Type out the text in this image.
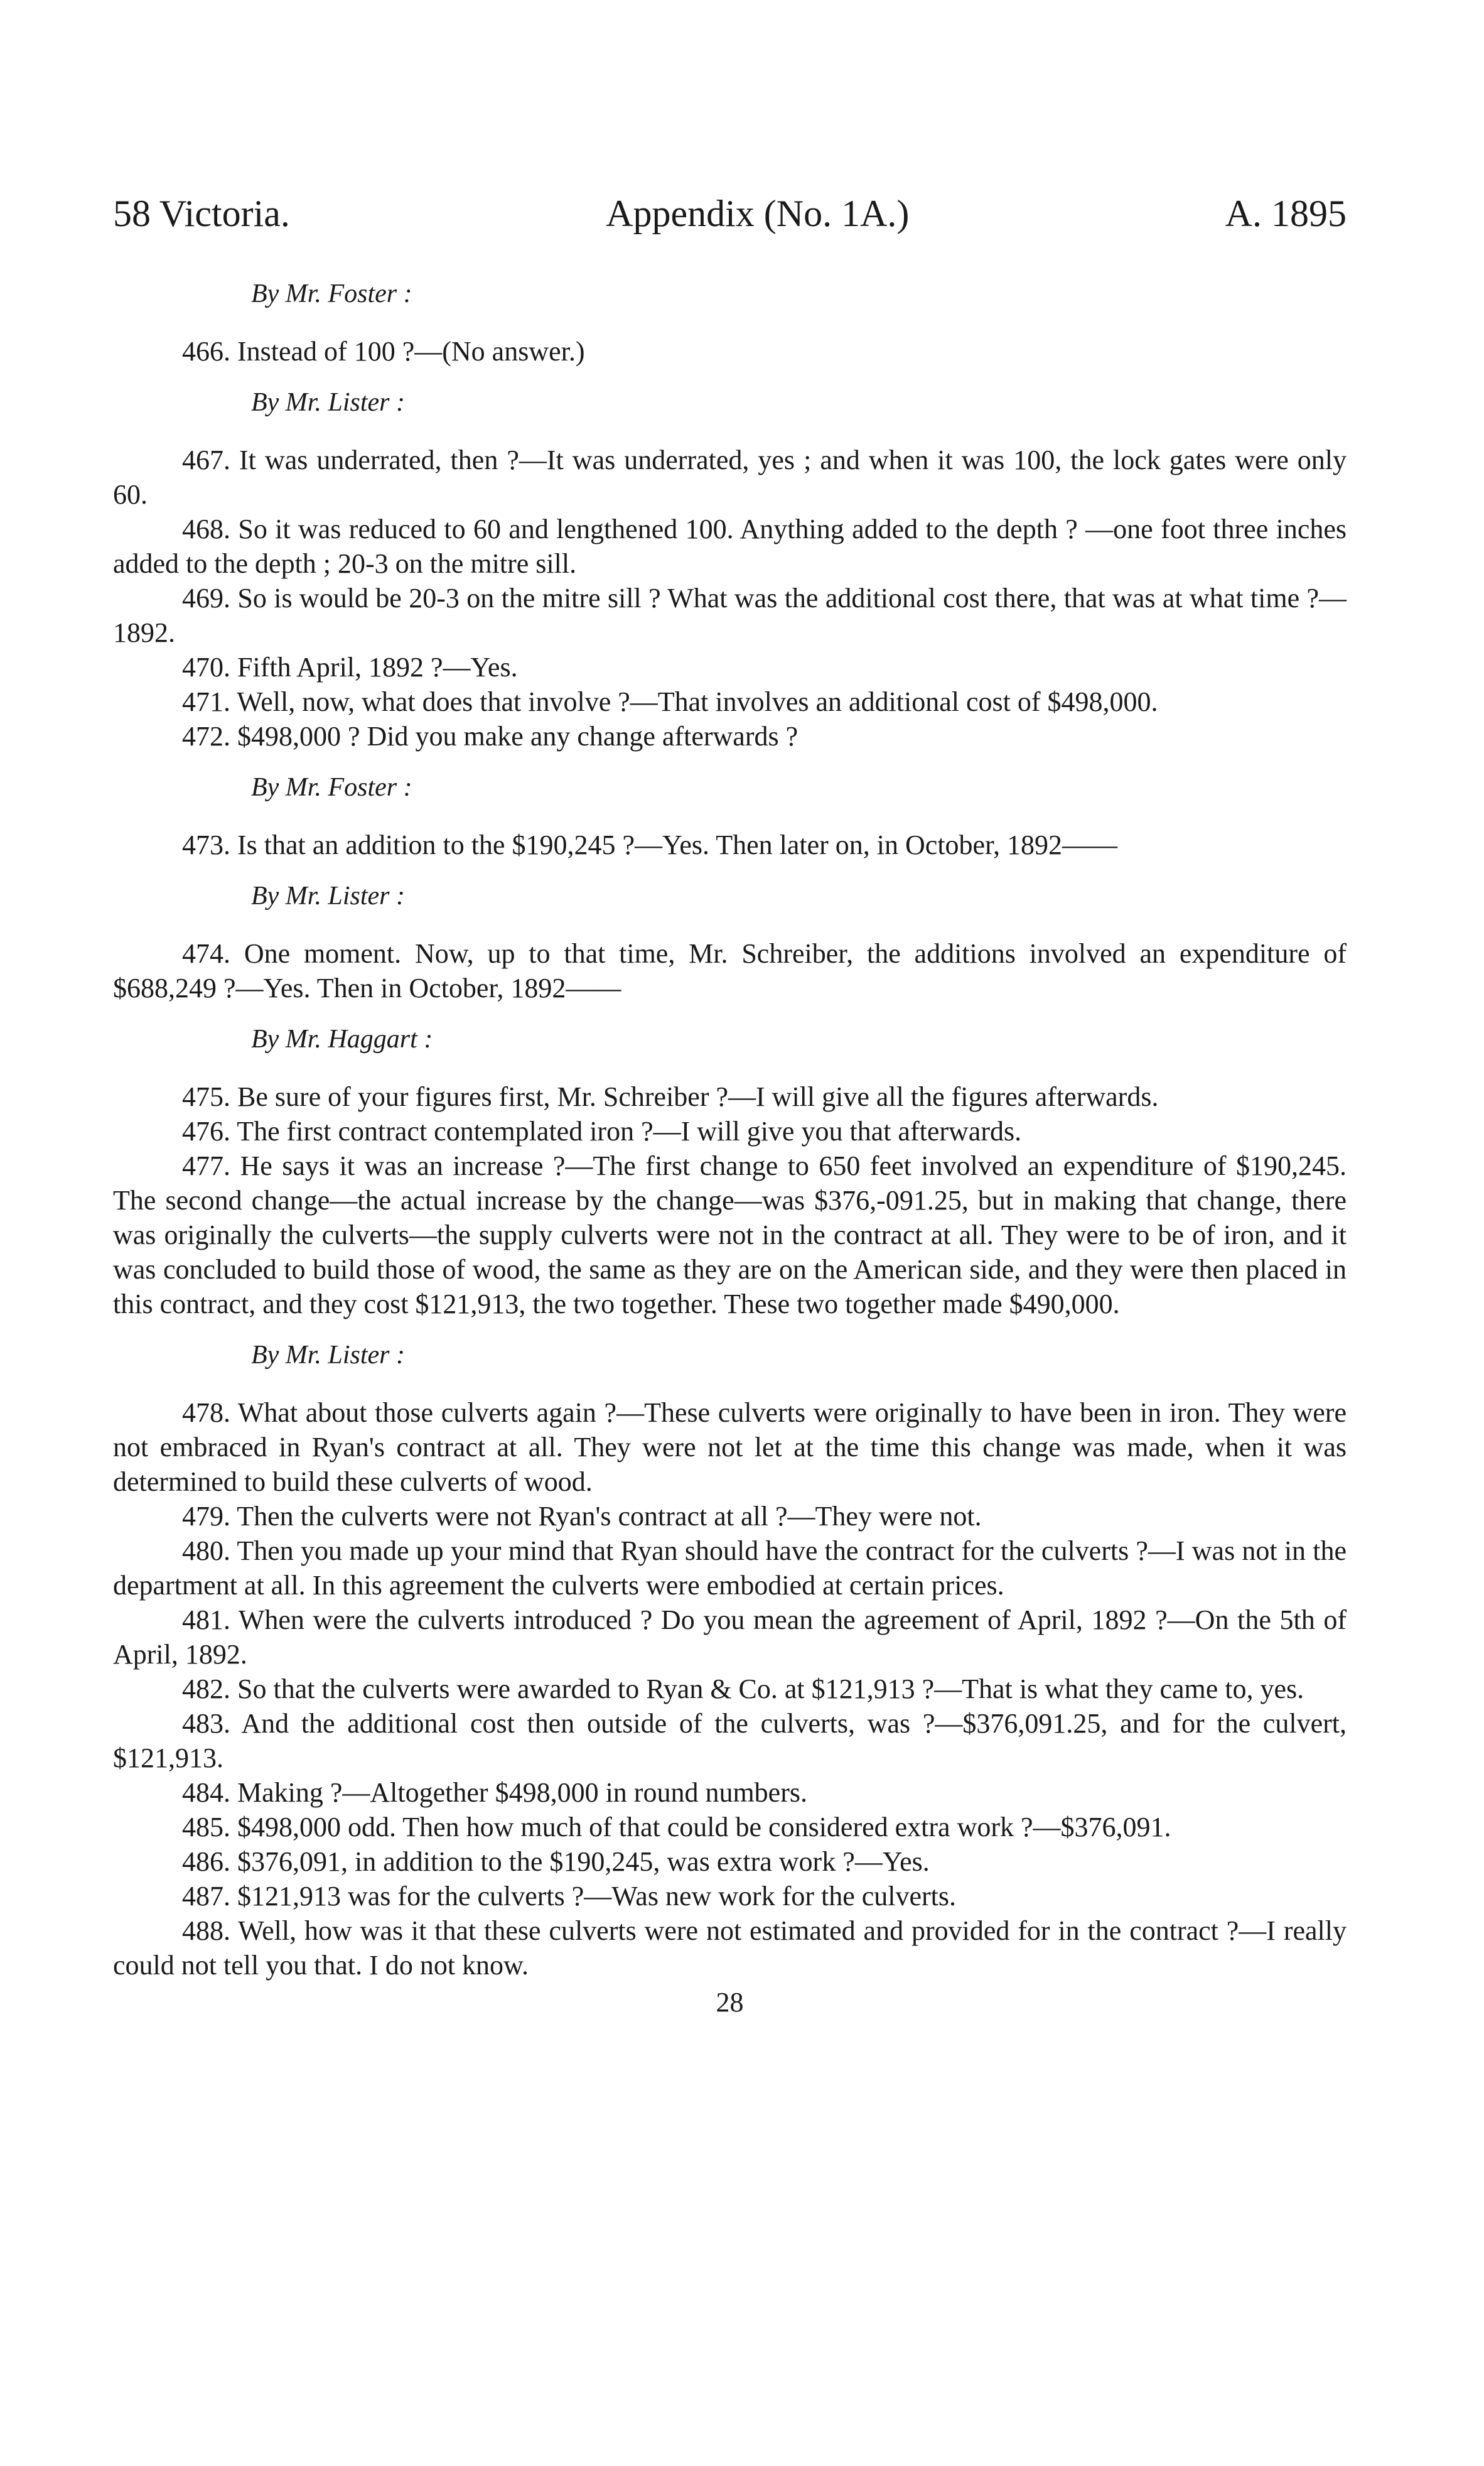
58 Victoria.	Appendix (No. 1A.)	A. 1895
By Mr. Foster :

466. Instead of 100 ?—(No answer.)

By Mr. Lister :

467. It was underrated, then ?—It was underrated, yes ; and when it was 100, the lock gates were only 60.

468. So it was reduced to 60 and lengthened 100. Anything added to the depth ? —one foot three inches added to the depth ; 20-3 on the mitre sill.

469. So is would be 20-3 on the mitre sill ? What was the additional cost there, that was at what time ?—1892.

470. Fifth April, 1892 ?—Yes.

471. Well, now, what does that involve ?—That involves an additional cost of $498,000.

472. $498,000 ? Did you make any change afterwards ?

By Mr. Foster :

473. Is that an addition to the $190,245 ?—Yes. Then later on, in October, 1892——

By Mr. Lister :

474. One moment. Now, up to that time, Mr. Schreiber, the additions involved an expenditure of $688,249 ?—Yes. Then in October, 1892——

By Mr. Haggart :

475. Be sure of your figures first, Mr. Schreiber ?—I will give all the figures afterwards.

476. The first contract contemplated iron ?—I will give you that afterwards.

477. He says it was an increase ?—The first change to 650 feet involved an expenditure of $190,245. The second change—the actual increase by the change—was $376,-091.25, but in making that change, there was originally the culverts—the supply culverts were not in the contract at all. They were to be of iron, and it was concluded to build those of wood, the same as they are on the American side, and they were then placed in this contract, and they cost $121,913, the two together. These two together made $490,000.

By Mr. Lister :

478. What about those culverts again ?—These culverts were originally to have been in iron. They were not embraced in Ryan's contract at all. They were not let at the time this change was made, when it was determined to build these culverts of wood.

479. Then the culverts were not Ryan's contract at all ?—They were not.

480. Then you made up your mind that Ryan should have the contract for the culverts ?—I was not in the department at all. In this agreement the culverts were embodied at certain prices.

481. When were the culverts introduced ? Do you mean the agreement of April, 1892 ?—On the 5th of April, 1892.

482. So that the culverts were awarded to Ryan & Co. at $121,913 ?—That is what they came to, yes.

483. And the additional cost then outside of the culverts, was ?—$376,091.25, and for the culvert, $121,913.

484. Making ?—Altogether $498,000 in round numbers.

485. $498,000 odd. Then how much of that could be considered extra work ?—$376,091.

486. $376,091, in addition to the $190,245, was extra work ?—Yes.

487. $121,913 was for the culverts ?—Was new work for the culverts.

488. Well, how was it that these culverts were not estimated and provided for in the contract ?—I really could not tell you that. I do not know.

28
